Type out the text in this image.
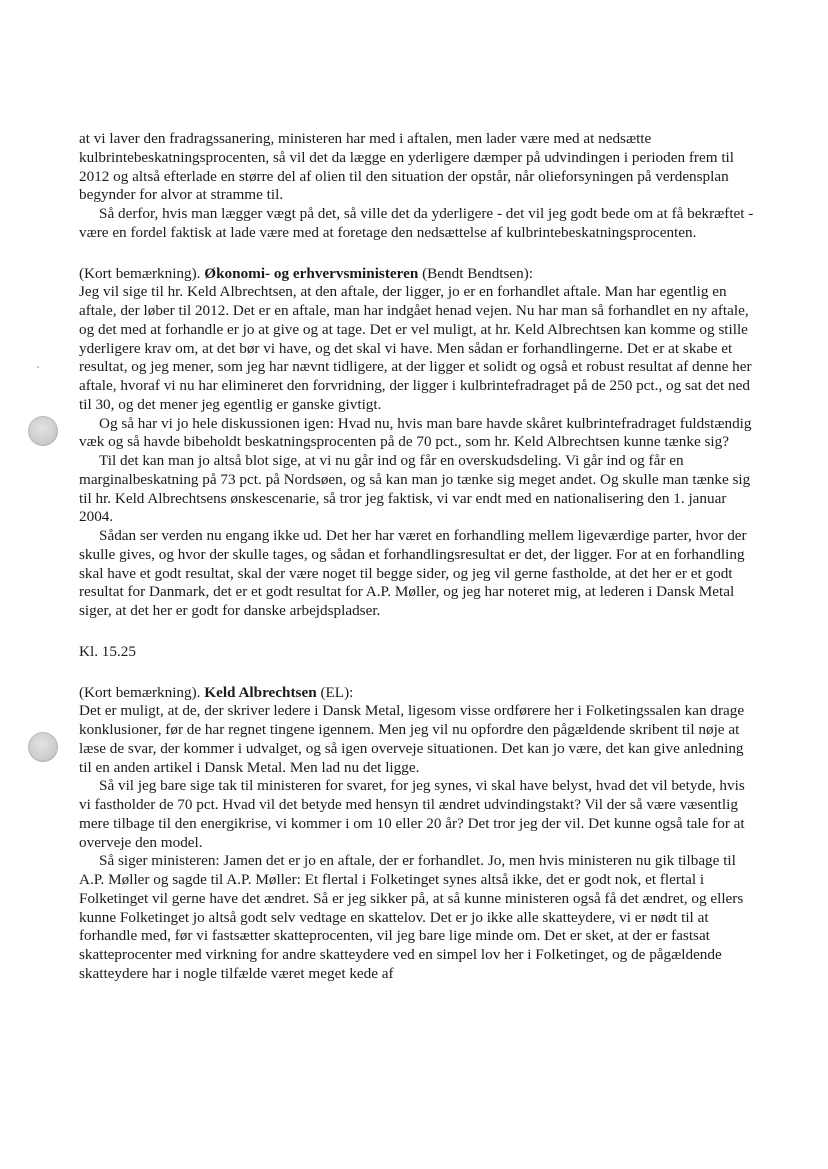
at vi laver den fradragssanering, ministeren har med i aftalen, men lader være med at nedsætte kulbrintebeskatningsprocenten, så vil det da lægge en yderligere dæmper på udvindingen i perioden frem til 2012 og altså efterlade en større del af olien til den situation der opstår, når olieforsyningen på verdensplan begynder for alvor at stramme til.

Så derfor, hvis man lægger vægt på det, så ville det da yderligere - det vil jeg godt bede om at få bekræftet - være en fordel faktisk at lade være med at foretage den nedsættelse af kulbrintebeskatningsprocenten.

(Kort bemærkning). Økonomi- og erhvervsministeren (Bendt Bendtsen):

Jeg vil sige til hr. Keld Albrechtsen, at den aftale, der ligger, jo er en forhandlet aftale. Man har egentlig en aftale, der løber til 2012. Det er en aftale, man har indgået henad vejen. Nu har man så forhandlet en ny aftale, og det med at forhandle er jo at give og at tage. Det er vel muligt, at hr. Keld Albrechtsen kan komme og stille yderligere krav om, at det bør vi have, og det skal vi have. Men sådan er forhandlingerne. Det er at skabe et resultat, og jeg mener, som jeg har nævnt tidligere, at der ligger et solidt og også et robust resultat af denne her aftale, hvoraf vi nu har elimineret den forvridning, der ligger i kulbrintefradraget på de 250 pct., og sat det ned til 30, og det mener jeg egentlig er ganske givtigt.

Og så har vi jo hele diskussionen igen: Hvad nu, hvis man bare havde skåret kulbrintefradraget fuldstændig væk og så havde bibeholdt beskatningsprocenten på de 70 pct., som hr. Keld Albrechtsen kunne tænke sig?

Til det kan man jo altså blot sige, at vi nu går ind og får en overskudsdeling. Vi går ind og får en marginalbeskatning på 73 pct. på Nordsøen, og så kan man jo tænke sig meget andet. Og skulle man tænke sig til hr. Keld Albrechtsens ønskescenarie, så tror jeg faktisk, vi var endt med en nationalisering den 1. januar 2004.

Sådan ser verden nu engang ikke ud. Det her har været en forhandling mellem ligeværdige parter, hvor der skulle gives, og hvor der skulle tages, og sådan et forhandlingsresultat er det, der ligger. For at en forhandling skal have et godt resultat, skal der være noget til begge sider, og jeg vil gerne fastholde, at det her er et godt resultat for Danmark, det er et godt resultat for A.P. Møller, og jeg har noteret mig, at lederen i Dansk Metal siger, at det her er godt for danske arbejdspladser.

Kl. 15.25

(Kort bemærkning). Keld Albrechtsen (EL):

Det er muligt, at de, der skriver ledere i Dansk Metal, ligesom visse ordførere her i Folketingssalen kan drage konklusioner, før de har regnet tingene igennem. Men jeg vil nu opfordre den pågældende skribent til nøje at læse de svar, der kommer i udvalget, og så igen overveje situationen. Det kan jo være, det kan give anledning til en anden artikel i Dansk Metal. Men lad nu det ligge.

Så vil jeg bare sige tak til ministeren for svaret, for jeg synes, vi skal have belyst, hvad det vil betyde, hvis vi fastholder de 70 pct. Hvad vil det betyde med hensyn til ændret udvindingstakt? Vil der så være væsentlig mere tilbage til den energikrise, vi kommer i om 10 eller 20 år? Det tror jeg der vil. Det kunne også tale for at overveje den model.

Så siger ministeren: Jamen det er jo en aftale, der er forhandlet. Jo, men hvis ministeren nu gik tilbage til A.P. Møller og sagde til A.P. Møller: Et flertal i Folketinget synes altså ikke, det er godt nok, et flertal i Folketinget vil gerne have det ændret. Så er jeg sikker på, at så kunne ministeren også få det ændret, og ellers kunne Folketinget jo altså godt selv vedtage en skattelov. Det er jo ikke alle skatteydere, vi er nødt til at forhandle med, før vi fastsætter skatteprocenten, vil jeg bare lige minde om. Det er sket, at der er fastsat skatteprocenter med virkning for andre skatteydere ved en simpel lov her i Folketinget, og de pågældende skatteydere har i nogle tilfælde været meget kede af
